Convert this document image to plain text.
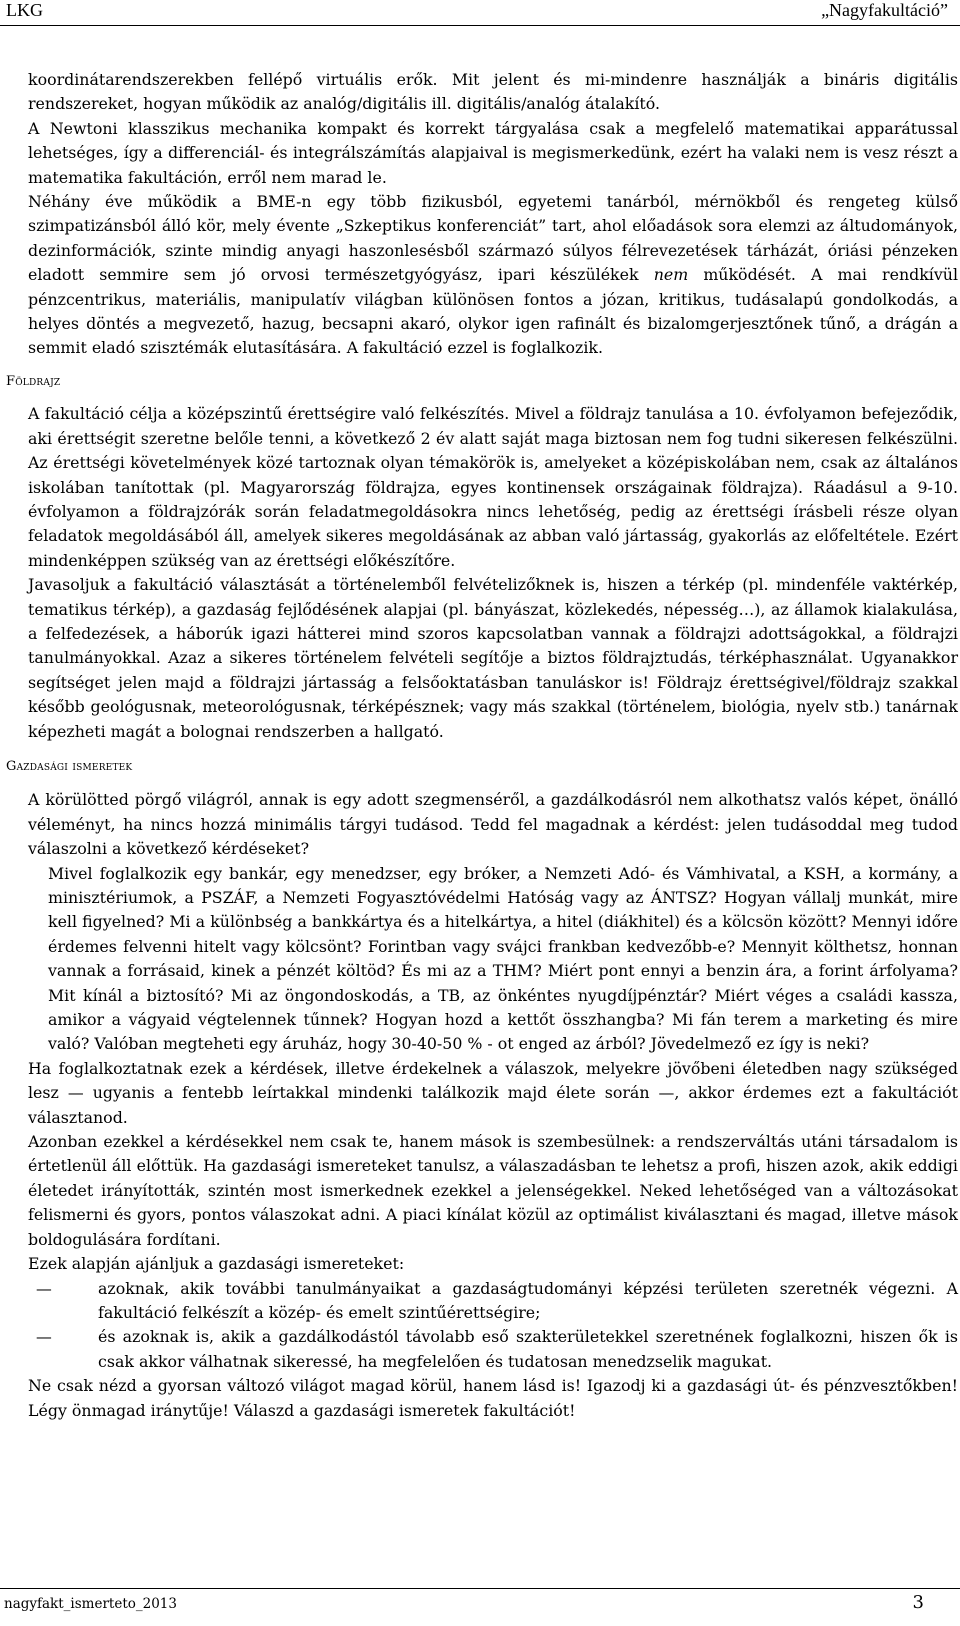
LKG	„Nagyfakultáció”

koordinátarendszerekben fellépő virtuális erők. Mit jelent és mi-mindenre használják a bináris digitális rendszereket, hogyan működik az analóg/digitális ill. digitális/analóg átalakító.

A Newtoni klasszikus mechanika kompakt és korrekt tárgyalása csak a megfelelő matematikai apparátussal lehetséges, így a differenciál- és integrálszámítás alapjaival is megismerkedünk, ezért ha valaki nem is vesz részt a matematika fakultáción, erről nem marad le.

Néhány éve működik a BME-n egy több fizikusból, egyetemi tanárból, mérnökből és rengeteg külső szimpatizánsból álló kör, mely évente „Szkeptikus konferenciát” tart, ahol előadások sora elemzi az áltudományok, dezinformációk, szinte mindig anyagi haszonlesésből származó súlyos félrevezetések tárházát, óriási pénzeken eladott semmire sem jó orvosi természetgyógyász, ipari készülékek nem működését. A mai rendkívül pénzcentrikus, materiális, manipulatív világban különösen fontos a józan, kritikus, tudásalapú gondolkodás, a helyes döntés a megvezető, hazug, becsapni akaró, olykor igen rafinált és bizalomgerjesztőnek tűnő, a drágán a semmit eladó szisztémák elutasítására. A fakultáció ezzel is foglalkozik.

Földrajz

A fakultáció célja a középszintű érettségire való felkészítés. Mivel a földrajz tanulása a 10. évfolyamon befejeződik, aki érettségit szeretne belőle tenni, a következő 2 év alatt saját maga biztosan nem fog tudni sikeresen felkészülni. Az érettségi követelmények közé tartoznak olyan témakörök is, amelyeket a középiskolában nem, csak az általános iskolában tanítottak (pl. Magyarország földrajza, egyes kontinensek országainak földrajza). Ráadásul a 9-10. évfolyamon a földrajzórák során feladatmegoldásokra nincs lehetőség, pedig az érettségi írásbeli része olyan feladatok megoldásából áll, amelyek sikeres megoldásának az abban való jártasság, gyakorlás az előfeltétele. Ezért mindenképpen szükség van az érettségi előkészítőre.

Javasoljuk a fakultáció választását a történelemből felvételizőknek is, hiszen a térkép (pl. mindenféle vaktérkép, tematikus térkép), a gazdaság fejlődésének alapjai (pl. bányászat, közlekedés, népesség…), az államok kialakulása, a felfedezések, a háborúk igazi hátterei mind szoros kapcsolatban vannak a földrajzi adottságokkal, a földrajzi tanulmányokkal. Azaz a sikeres történelem felvételi segítője a biztos földrajztudás, térképhasználat. Ugyanakkor segítséget jelen majd a földrajzi jártasság a felsőoktatásban tanuláskor is! Földrajz érettségivel/földrajz szakkal később geológusnak, meteorológusnak, térképésznek; vagy más szakkal (történelem, biológia, nyelv stb.) tanárnak képezheti magát a bolognai rendszerben a hallgató.

Gazdasági ismeretek

A körülötted pörgő világról, annak is egy adott szegmenséről, a gazdálkodásról nem alkothatsz valós képet, önálló véleményt, ha nincs hozzá minimális tárgyi tudásod. Tedd fel magadnak a kérdést: jelen tudásoddal meg tudod válaszolni a következő kérdéseket?

Mivel foglalkozik egy bankár, egy menedzser, egy bróker, a Nemzeti Adó- és Vámhivatal, a KSH, a kormány, a minisztériumok, a PSZÁF, a Nemzeti Fogyasztóvédelmi Hatóság vagy az ÁNTSZ? Hogyan vállalj munkát, mire kell figyelned? Mi a különbség a bankkártya és a hitelkártya, a hitel (diákhitel) és a kölcsön között? Mennyi időre érdemes felvenni hitelt vagy kölcsönt? Forintban vagy svájci frankban kedvezőbb-e? Mennyit költhetsz, honnan vannak a forrásaid, kinek a pénzét költöd? És mi az a THM? Miért pont ennyi a benzin ára, a forint árfolyama? Mit kínál a biztosító? Mi az öngondoskodás, a TB, az önkéntes nyugdíjpénztár? Miért véges a családi kassza, amikor a vágyaid végtelennek tűnnek? Hogyan hozd a kettőt összhangba? Mi fán terem a marketing és mire való? Valóban megteheti egy áruház, hogy 30-40-50 % - ot enged az árból? Jövedelmező ez így is neki?

Ha foglalkoztatnak ezek a kérdések, illetve érdekelnek a válaszok, melyekre jövőbeni életedben nagy szükséged lesz — ugyanis a fentebb leírtakkal mindenki találkozik majd élete során —, akkor érdemes ezt a fakultációt választanod.

Azonban ezekkel a kérdésekkel nem csak te, hanem mások is szembesülnek: a rendszerváltás utáni társadalom is értetlenül áll előttük. Ha gazdasági ismereteket tanulsz, a válaszadásban te lehetsz a profi, hiszen azok, akik eddigi életedet irányították, szintén most ismerkednek ezekkel a jelenségekkel. Neked lehetőséged van a változásokat felismerni és gyors, pontos válaszokat adni. A piaci kínálat közül az optimálist kiválasztani és magad, illetve mások boldogulására fordítani.

Ezek alapján ajánljuk a gazdasági ismereteket:

—	azoknak, akik további tanulmányaikat a gazdaságtudományi képzési területen szeretnék végezni. A fakultáció felkészít a közép- és emelt szintűérettségire;
—	és azoknak is, akik a gazdálkodástól távolabb eső szakterületekkel szeretnének foglalkozni, hiszen ők is csak akkor válhatnak sikeressé, ha megfelelően és tudatosan menedzselik magukat.

Ne csak nézd a gyorsan változó világot magad körül, hanem lásd is! Igazodj ki a gazdasági út- és pénzvesztőkben! Légy önmagad iránytűje! Válaszd a gazdasági ismeretek fakultációt!

nagyfakt_ismerteto_2013	3
